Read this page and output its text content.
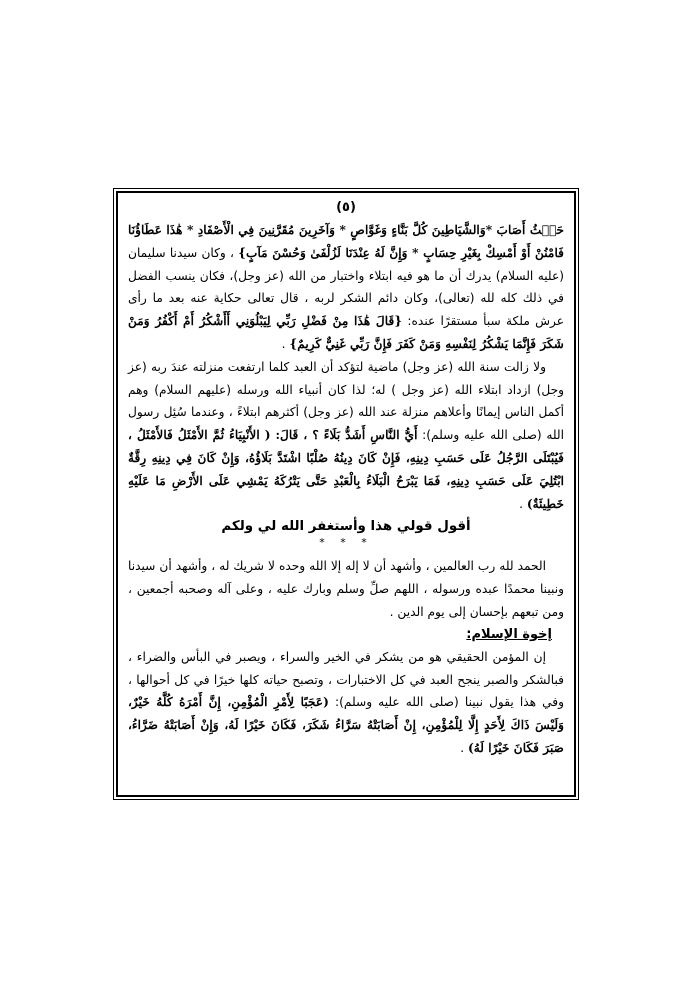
(٥)

حَيۡثُ أَصَابَ *وَالشَّيَاطِينَ كُلَّ بَنَّاءٍ وَغَوَّاصٍ * وَآخَرِينَ مُقَرَّنِينَ فِي الْأَصْفَادِ * هَٰذَا عَطَاؤُنَا فَامْنُنْ أَوْ أَمْسِكْ بِغَيْرِ حِسَابٍ * وَإِنَّ لَهُ عِنْدَنَا لَزُلْفَىٰ وَحُسْنَ مَآبٍ} ، وكان سيدنا سليمان (عليه السلام) يدرك أن ما هو فيه ابتلاء واختبار من الله (عز وجل)، فكان ينسب الفضل في ذلك كله لله (تعالى)، وكان دائم الشكر لربه ، قال تعالى حكاية عنه بعد ما رأى عرش ملكة سبأ مستقرًا عنده: {قَالَ هَٰذَا مِنْ فَضْلِ رَبِّي لِيَبْلُوَنِي أَأَشْكُرُ أَمْ أَكْفُرُ وَمَنْ شَكَرَ فَإِنَّمَا يَشْكُرُ لِنَفْسِهِ وَمَنْ كَفَرَ فَإِنَّ رَبِّي غَنِيٌّ كَرِيمٌ} .

ولا زالت سنة الله (عز وجل) ماضية لتؤكد أن العبد كلما ارتفعت منزلته عندَ ربه (عز وجل) ازداد ابتلاء الله (عز وجل ) له؛ لذا كان أنبياء الله ورسله (عليهم السلام) وهم أكمل الناس إيمانًا وأعلاهم منزلة عند الله (عز وجل) أكثرهم ابتلاءً ، وعندما سُئِل رسول الله (صلى الله عليه وسلم): أَيُّ النَّاسِ أَشَدُّ بَلَاءً ؟ ، قَالَ: ( الأَنْبِيَاءُ ثُمَّ الأَمْثَلُ فَالأَمْثَلُ ، فَيُبْتَلَى الرَّجُلُ عَلَى حَسَبِ دِينِهِ، فَإِنْ كَانَ دِينُهُ صُلْبًا اشْتَدَّ بَلَاؤُهُ، وَإِنْ كَانَ فِي دِينِهِ رِقَّةٌ ابْتُلِيَ عَلَى حَسَبِ دِينِهِ، فَمَا يَبْرَحُ الْبَلَاءُ بِالْعَبْدِ حَتَّى يَتْرُكَهُ يَمْشِي عَلَى الأَرْضِ مَا عَلَيْهِ خَطِيئَةٌ) .

أقول قولي هذا وأستغفر الله لي ولكم
* * *

الحمد لله رب العالمين ، وأشهد أن لا إله إلا الله وحده لا شريك له ، وأشهد أن سيدنا ونبينا محمدًا عبده ورسوله ، اللهم صلِّ وسلم وبارك عليه ، وعلى آله وصحبه أجمعين ، ومن تبعهم بإحسان إلى يوم الدين .

إخوة الإسلام:

إن المؤمن الحقيقي هو من يشكر في الخير والسراء ، ويصبر في البأس والضراء ، فبالشكر والصبر ينجح العبد في كل الاختبارات ، وتصبح حياته كلها خيرًا في كل أحوالها ، وفي هذا يقول نبينا (صلى الله عليه وسلم): (عَجَبًا لِأَمْرِ الْمُؤْمِنِ، إِنَّ أَمْرَهُ كُلَّهُ خَيْرٌ، وَلَيْسَ ذَاكَ لِأَحَدٍ إِلَّا لِلْمُؤْمِنِ، إِنْ أَصَابَتْهُ سَرَّاءُ شَكَرَ، فَكَانَ خَيْرًا لَهُ، وَإِنْ أَصَابَتْهُ ضَرَّاءُ، صَبَرَ فَكَانَ خَيْرًا لَهُ) .
